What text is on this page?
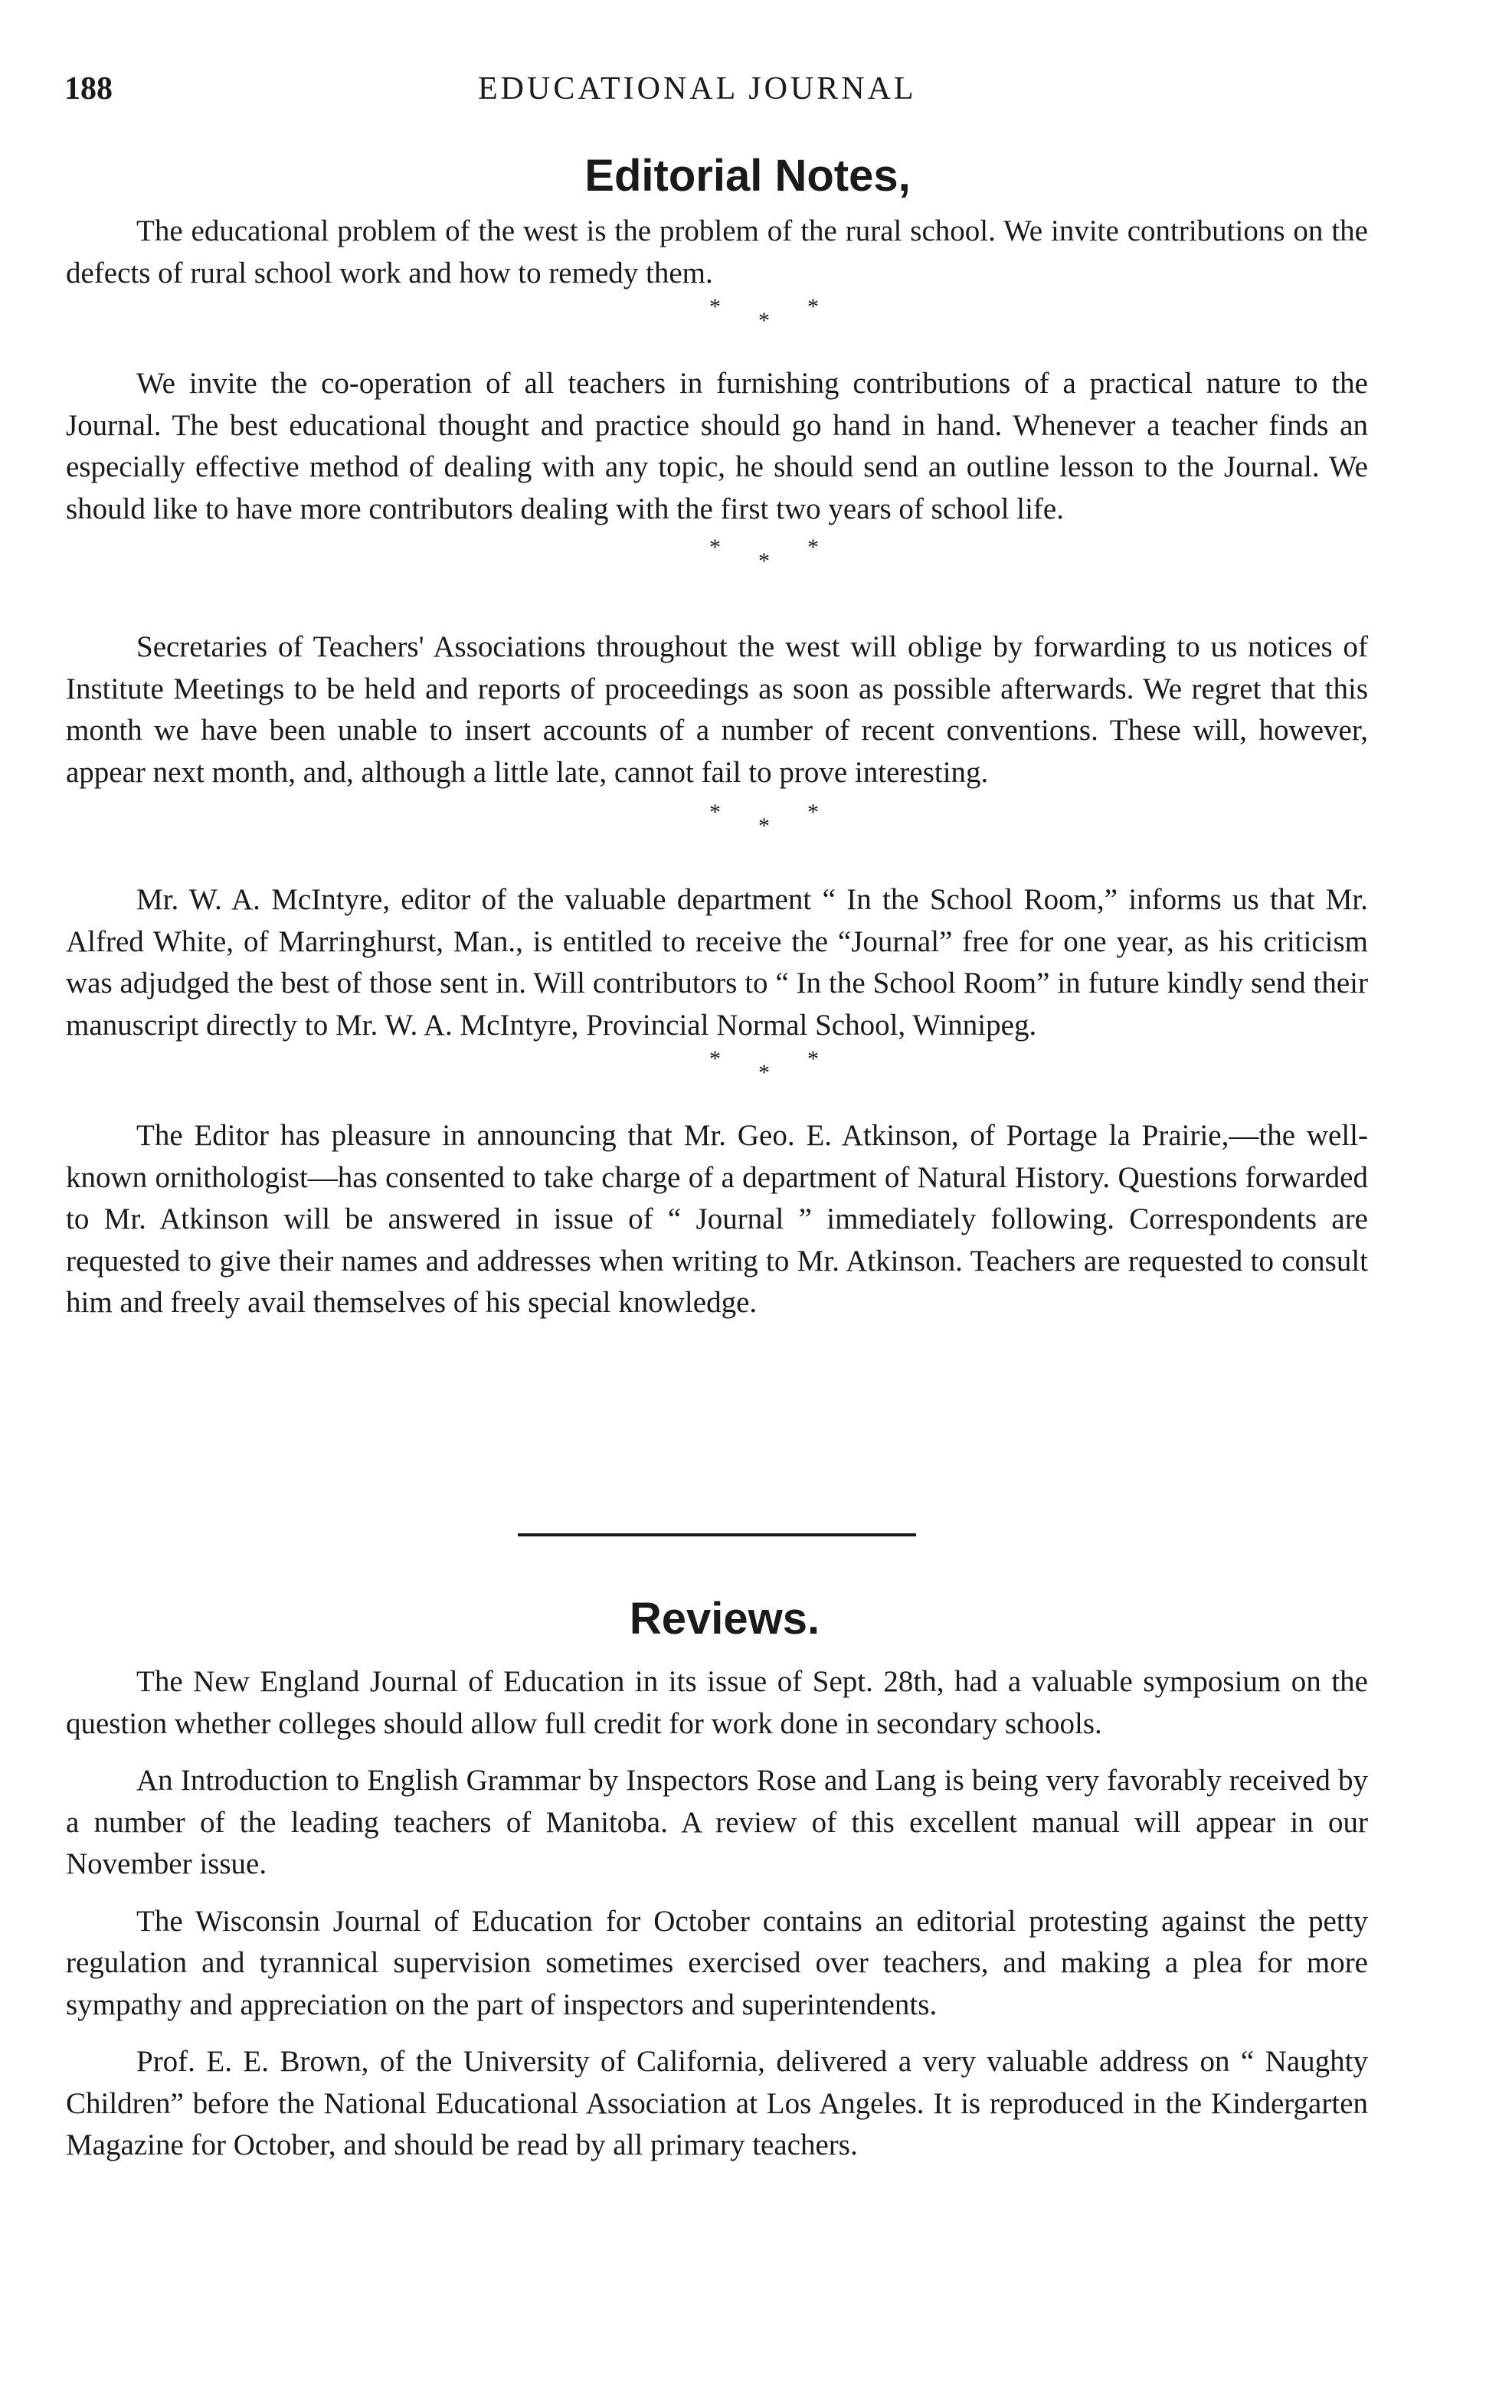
188	EDUCATIONAL JOURNAL
Editorial Notes,

The educational problem of the west is the problem of the rural school. We invite contributions on the defects of rural school work and how to remedy them.

*
*
*

We invite the co-operation of all teachers in furnishing contributions of a practical nature to the Journal. The best educational thought and practice should go hand in hand. Whenever a teacher finds an especially effective method of dealing with any topic, he should send an outline lesson to the Journal. We should like to have more contributors dealing with the first two years of school life.

*
*
*

Secretaries of Teachers' Associations throughout the west will oblige by forwarding to us notices of Institute Meetings to be held and reports of proceedings as soon as possible afterwards. We regret that this month we have been unable to insert accounts of a number of recent conventions. These will, however, appear next month, and, although a little late, cannot fail to prove interesting.

*
*
*

Mr. W. A. McIntyre, editor of the valuable department “ In the School Room,” informs us that Mr. Alfred White, of Marringhurst, Man., is entitled to receive the “Journal” free for one year, as his criticism was adjudged the best of those sent in. Will contributors to “ In the School Room” in future kindly send their manuscript directly to Mr. W. A. McIntyre, Provincial Normal School, Winnipeg.

*
*
*

The Editor has pleasure in announcing that Mr. Geo. E. Atkinson, of Portage la Prairie,—the well-known ornithologist—has consented to take charge of a department of Natural History. Questions forwarded to Mr. Atkinson will be answered in issue of “ Journal ” immediately following. Correspondents are requested to give their names and addresses when writing to Mr. Atkinson. Teachers are requested to consult him and freely avail themselves of his special knowledge.

Reviews.

The New England Journal of Education in its issue of Sept. 28th, had a valuable symposium on the question whether colleges should allow full credit for work done in secondary schools.

An Introduction to English Grammar by Inspectors Rose and Lang is being very favorably received by a number of the leading teachers of Manitoba. A review of this excellent manual will appear in our November issue.

The Wisconsin Journal of Education for October contains an editorial protesting against the petty regulation and tyrannical supervision sometimes exercised over teachers, and making a plea for more sympathy and appreciation on the part of inspectors and superintendents.

Prof. E. E. Brown, of the University of California, delivered a very valuable address on “ Naughty Children” before the National Educational Association at Los Angeles. It is reproduced in the Kindergarten Magazine for October, and should be read by all primary teachers.
